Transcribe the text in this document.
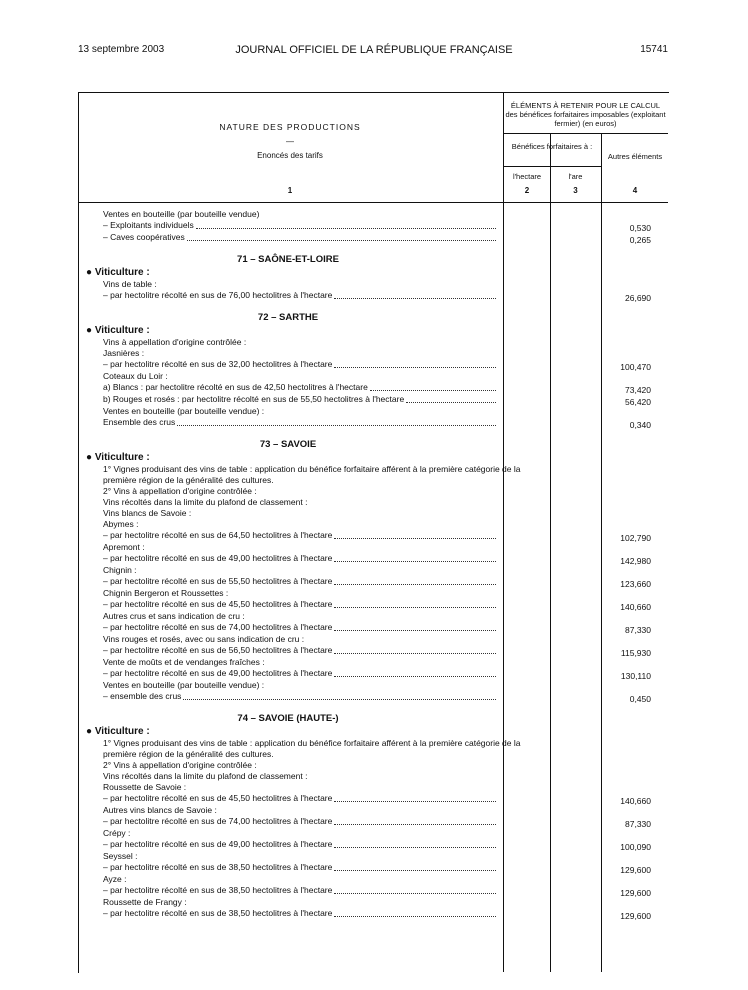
13 septembre 2003	JOURNAL OFFICIEL DE LA RÉPUBLIQUE FRANÇAISE	15741
NATURE DES PRODUCTIONS
—
Enoncés des tarifs
1
ÉLÉMENTS À RETENIR POUR LE CALCUL des bénéfices forfaitaires imposables (exploitant fermier) (en euros)
Bénéfices forfaitaires à :
l'hectare	l'are
Autres éléments
2	3	4
Ventes en bouteille (par bouteille vendue)
– Exploitants individuels	0,530
– Caves coopératives	0,265
71 – SAÔNE-ET-LOIRE
● Viticulture :
Vins de table :
– par hectolitre récolté en sus de 76,00 hectolitres à l'hectare	26,690
72 – SARTHE
● Viticulture :
Vins à appellation d'origine contrôlée :
Jasnières :
– par hectolitre récolté en sus de 32,00 hectolitres à l'hectare	100,470
Coteaux du Loir :
a) Blancs : par hectolitre récolté en sus de 42,50 hectolitres à l'hectare	73,420
b) Rouges et rosés : par hectolitre récolté en sus de 55,50 hectolitres à l'hectare	56,420
Ventes en bouteille (par bouteille vendue) :
Ensemble des crus	0,340
73 – SAVOIE
● Viticulture :
1° Vignes produisant des vins de table : application du bénéfice forfaitaire afférent à la première catégorie de la
première région de la généralité des cultures.
2° Vins à appellation d'origine contrôlée :
Vins récoltés dans la limite du plafond de classement :
Vins blancs de Savoie :
Abymes :
– par hectolitre récolté en sus de 64,50 hectolitres à l'hectare	102,790
Apremont :
– par hectolitre récolté en sus de 49,00 hectolitres à l'hectare	142,980
Chignin :
– par hectolitre récolté en sus de 55,50 hectolitres à l'hectare	123,660
Chignin Bergeron et Roussettes :
– par hectolitre récolté en sus de 45,50 hectolitres à l'hectare	140,660
Autres crus et sans indication de cru :
– par hectolitre récolté en sus de 74,00 hectolitres à l'hectare	87,330
Vins rouges et rosés, avec ou sans indication de cru :
– par hectolitre récolté en sus de 56,50 hectolitres à l'hectare	115,930
Vente de moûts et de vendanges fraîches :
– par hectolitre récolté en sus de 49,00 hectolitres à l'hectare	130,110
Ventes en bouteille (par bouteille vendue) :
– ensemble des crus	0,450
74 – SAVOIE (HAUTE-)
● Viticulture :
1° Vignes produisant des vins de table : application du bénéfice forfaitaire afférent à la première catégorie de la
première région de la généralité des cultures.
2° Vins à appellation d'origine contrôlée :
Vins récoltés dans la limite du plafond de classement :
Roussette de Savoie :
– par hectolitre récolté en sus de 45,50 hectolitres à l'hectare	140,660
Autres vins blancs de Savoie :
– par hectolitre récolté en sus de 74,00 hectolitres à l'hectare	87,330
Crépy :
– par hectolitre récolté en sus de 49,00 hectolitres à l'hectare	100,090
Seyssel :
– par hectolitre récolté en sus de 38,50 hectolitres à l'hectare	129,600
Ayze :
– par hectolitre récolté en sus de 38,50 hectolitres à l'hectare	129,600
Roussette de Frangy :
– par hectolitre récolté en sus de 38,50 hectolitres à l'hectare	129,600
